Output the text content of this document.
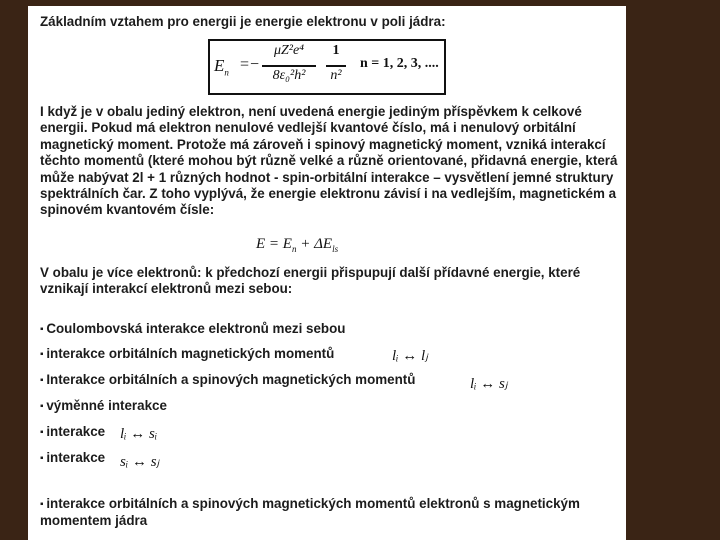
Základním vztahem pro energii je energie elektronu v poli jádra:
$E_n$ = −
μZ²e⁴
8ε₀²h²
1
n²
n = 1, 2, 3, ....
I když je v obalu jediný elektron, není uvedená energie jediným příspěvkem k celkové energii. Pokud má elektron nenulové vedlejší kvantové číslo, má i nenulový orbitální magnetický moment. Protože má zároveň i spinový magnetický moment, vzniká interakcí těchto momentů (které mohou být různě velké a různě orientované, přidavná energie, která může nabývat 2l + 1 různých hodnot - spin-orbitální interakce – vysvětlení jemné struktury spektrálních čar. Z toho vyplývá, že energie elektronu závisí i na vedlejším, magnetickém a spinovém kvantovém čísle:
$E = E_n + \Delta E_{ls}$
V obalu je více elektronů: k předchozí energii přispupují další přídavné energie, které vznikají interakcí elektronů mezi sebou:
▪ Coulombovská interakce elektronů mezi sebou
▪ interakce orbitálních magnetických momentů	lᵢ ↔ lⱼ
▪ Interakce orbitálních a spinových magnetických momentů	lᵢ ↔ sⱼ
▪ výměnné interakce
▪ interakce lᵢ ↔ sᵢ
▪ interakce sᵢ ↔ sⱼ
▪ interakce orbitálních a spinových magnetických momentů elektronů s magnetickým momentem jádra
